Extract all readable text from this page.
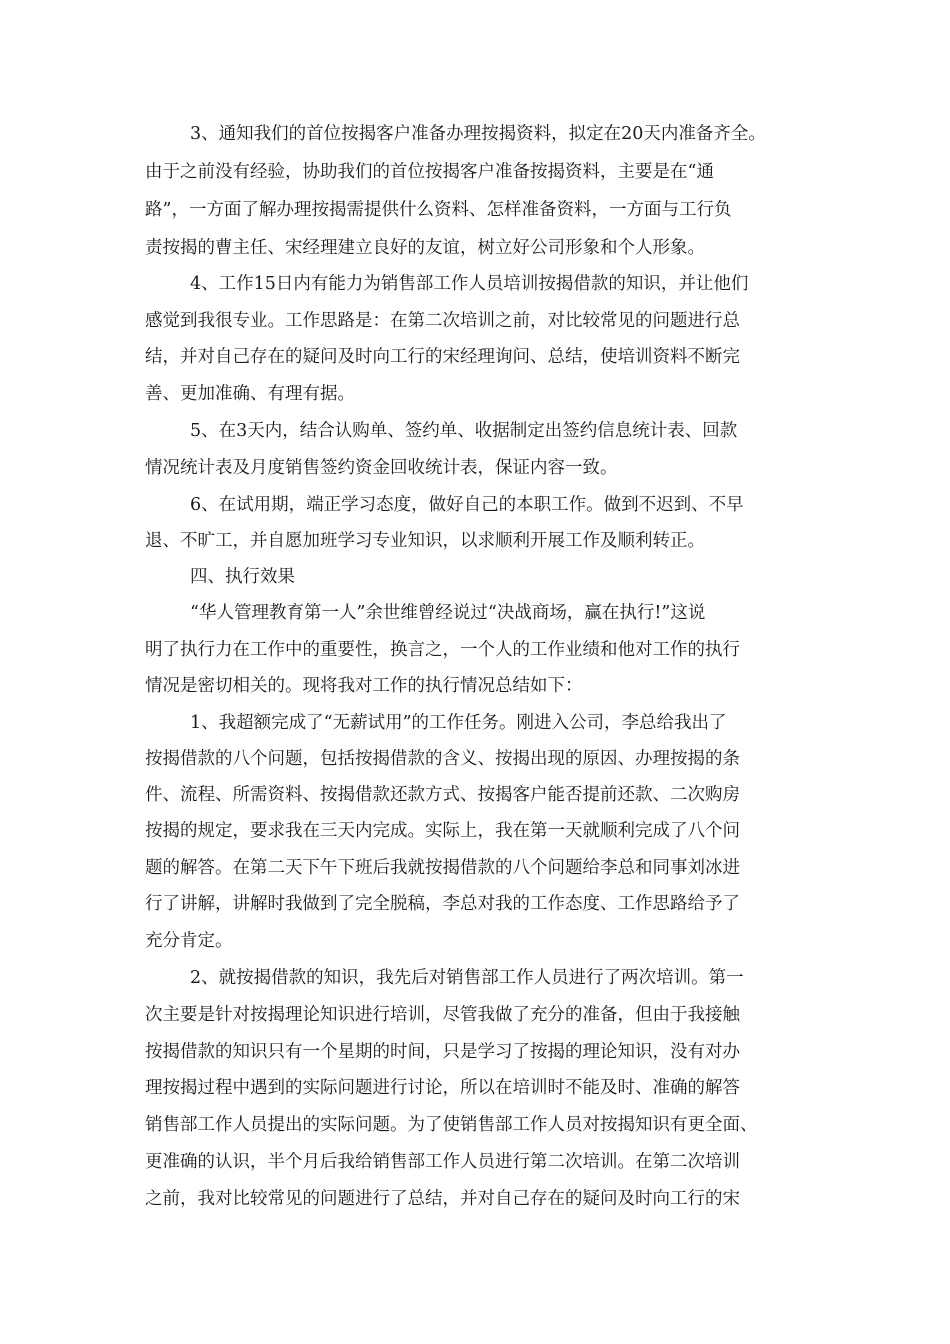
3、通知我们的首位按揭客户准备办理按揭资料，拟定在20天内准备齐全。
由于之前没有经验，协助我们的首位按揭客户准备按揭资料，主要是在“通
路”，一方面了解办理按揭需提供什么资料、怎样准备资料，一方面与工行负
责按揭的曹主任、宋经理建立良好的友谊，树立好公司形象和个人形象。
4、工作15日内有能力为销售部工作人员培训按揭借款的知识，并让他们
感觉到我很专业。工作思路是：在第二次培训之前，对比较常见的问题进行总
结，并对自己存在的疑问及时向工行的宋经理询问、总结，使培训资料不断完
善、更加准确、有理有据。
5、在3天内，结合认购单、签约单、收据制定出签约信息统计表、回款
情况统计表及月度销售签约资金回收统计表，保证内容一致。
6、在试用期，端正学习态度，做好自己的本职工作。做到不迟到、不早
退、不旷工，并自愿加班学习专业知识，以求顺利开展工作及顺利转正。
四、执行效果
“华人管理教育第一人”余世维曾经说过“决战商场，赢在执行!”这说
明了执行力在工作中的重要性，换言之，一个人的工作业绩和他对工作的执行
情况是密切相关的。现将我对工作的执行情况总结如下：
1、我超额完成了“无薪试用”的工作任务。刚进入公司，李总给我出了
按揭借款的八个问题，包括按揭借款的含义、按揭出现的原因、办理按揭的条
件、流程、所需资料、按揭借款还款方式、按揭客户能否提前还款、二次购房
按揭的规定，要求我在三天内完成。实际上，我在第一天就顺利完成了八个问
题的解答。在第二天下午下班后我就按揭借款的八个问题给李总和同事刘冰进
行了讲解，讲解时我做到了完全脱稿，李总对我的工作态度、工作思路给予了
充分肯定。
2、就按揭借款的知识，我先后对销售部工作人员进行了两次培训。第一
次主要是针对按揭理论知识进行培训，尽管我做了充分的准备，但由于我接触
按揭借款的知识只有一个星期的时间，只是学习了按揭的理论知识，没有对办
理按揭过程中遇到的实际问题进行讨论，所以在培训时不能及时、准确的解答
销售部工作人员提出的实际问题。为了使销售部工作人员对按揭知识有更全面、
更准确的认识，半个月后我给销售部工作人员进行第二次培训。在第二次培训
之前，我对比较常见的问题进行了总结，并对自己存在的疑问及时向工行的宋
